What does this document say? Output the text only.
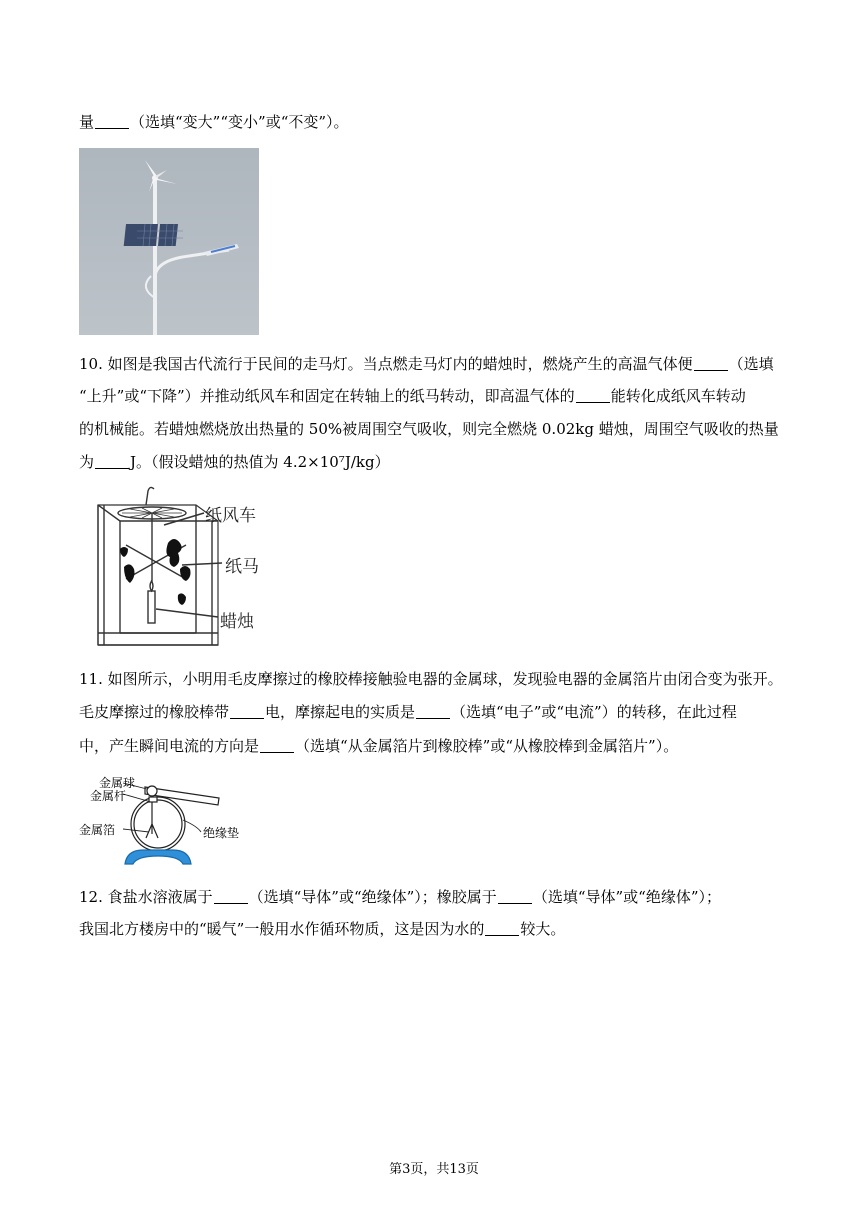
量 （选填“变大”“变小”或“不变”）。
10. 如图是我国古代流行于民间的走马灯。当点燃走马灯内的蜡烛时，燃烧产生的高温气体便 （选填
“上升”或“下降”）并推动纸风车和固定在转轴上的纸马转动，即高温气体的 能转化成纸风车转动
的机械能。若蜡烛燃烧放出热量的 50%被周围空气吸收，则完全燃烧 0.02kg 蜡烛，周围空气吸收的热量
为 J。（假设蜡烛的热值为 4.2×10⁷J/kg）
纸风车
纸马
蜡烛
11. 如图所示，小明用毛皮摩擦过的橡胶棒接触验电器的金属球，发现验电器的金属箔片由闭合变为张开。
毛皮摩擦过的橡胶棒带 电，摩擦起电的实质是 （选填“电子”或“电流”）的转移，在此过程
中，产生瞬间电流的方向是 （选填“从金属箔片到橡胶棒”或“从橡胶棒到金属箔片”）。
金属球
金属杆
金属箔	绝缘垫
12. 食盐水溶液属于 （选填“导体”或“绝缘体”）；橡胶属于 （选填“导体”或“绝缘体”）；
我国北方楼房中的“暖气”一般用水作循环物质，这是因为水的 较大。
第3页，共13页
